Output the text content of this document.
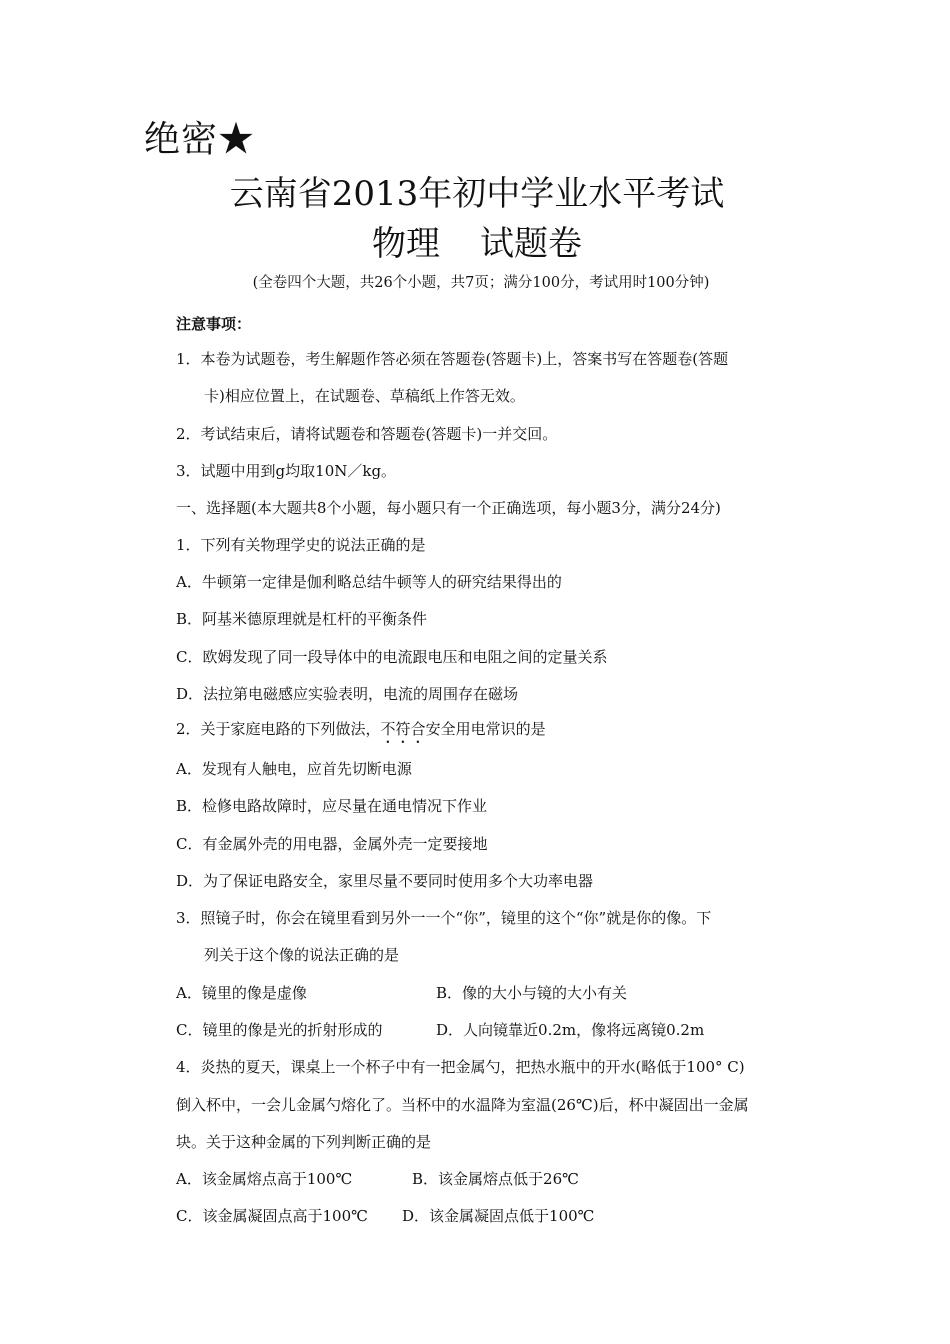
绝密★
云南省2013年初中学业水平考试
物理 试题卷
(全卷四个大题，共26个小题，共7页；满分100分，考试用时100分钟)
注意事项：
1．本卷为试题卷，考生解题作答必须在答题卷(答题卡)上，答案书写在答题卷(答题
卡)相应位置上，在试题卷、草稿纸上作答无效。
2．考试结束后，请将试题卷和答题卷(答题卡)一并交回。
3．试题中用到g均取10N／kg。
一、选择题(本大题共8个小题，每小题只有一个正确选项，每小题3分，满分24分)
1．下列有关物理学史的说法正确的是
A．牛顿第一定律是伽利略总结牛顿等人的研究结果得出的
B．阿基米德原理就是杠杆的平衡条件
C．欧姆发现了同一段导体中的电流跟电压和电阻之间的定量关系
D．法拉第电磁感应实验表明，电流的周围存在磁场
2．关于家庭电路的下列做法，不符合安全用电常识的是
A．发现有人触电，应首先切断电源
B．检修电路故障时，应尽量在通电情况下作业
C．有金属外壳的用电器，金属外壳一定要接地
D．为了保证电路安全，家里尽量不要同时使用多个大功率电器
3．照镜子时，你会在镜里看到另外一一个“你”，镜里的这个“你”就是你的像。下
列关于这个像的说法正确的是
A．镜里的像是虚像	B．像的大小与镜的大小有关
C．镜里的像是光的折射形成的	D．人向镜靠近0.2m，像将远离镜0.2m
4．炎热的夏天，课桌上一个杯子中有一把金属勺，把热水瓶中的开水(略低于100° C)
倒入杯中，一会儿金属勺熔化了。当杯中的水温降为室温(26℃)后，杯中凝固出一金属
块。关于这种金属的下列判断正确的是
A．该金属熔点高于100℃	B．该金属熔点低于26℃
C．该金属凝固点高于100℃ D．该金属凝固点低于100℃
